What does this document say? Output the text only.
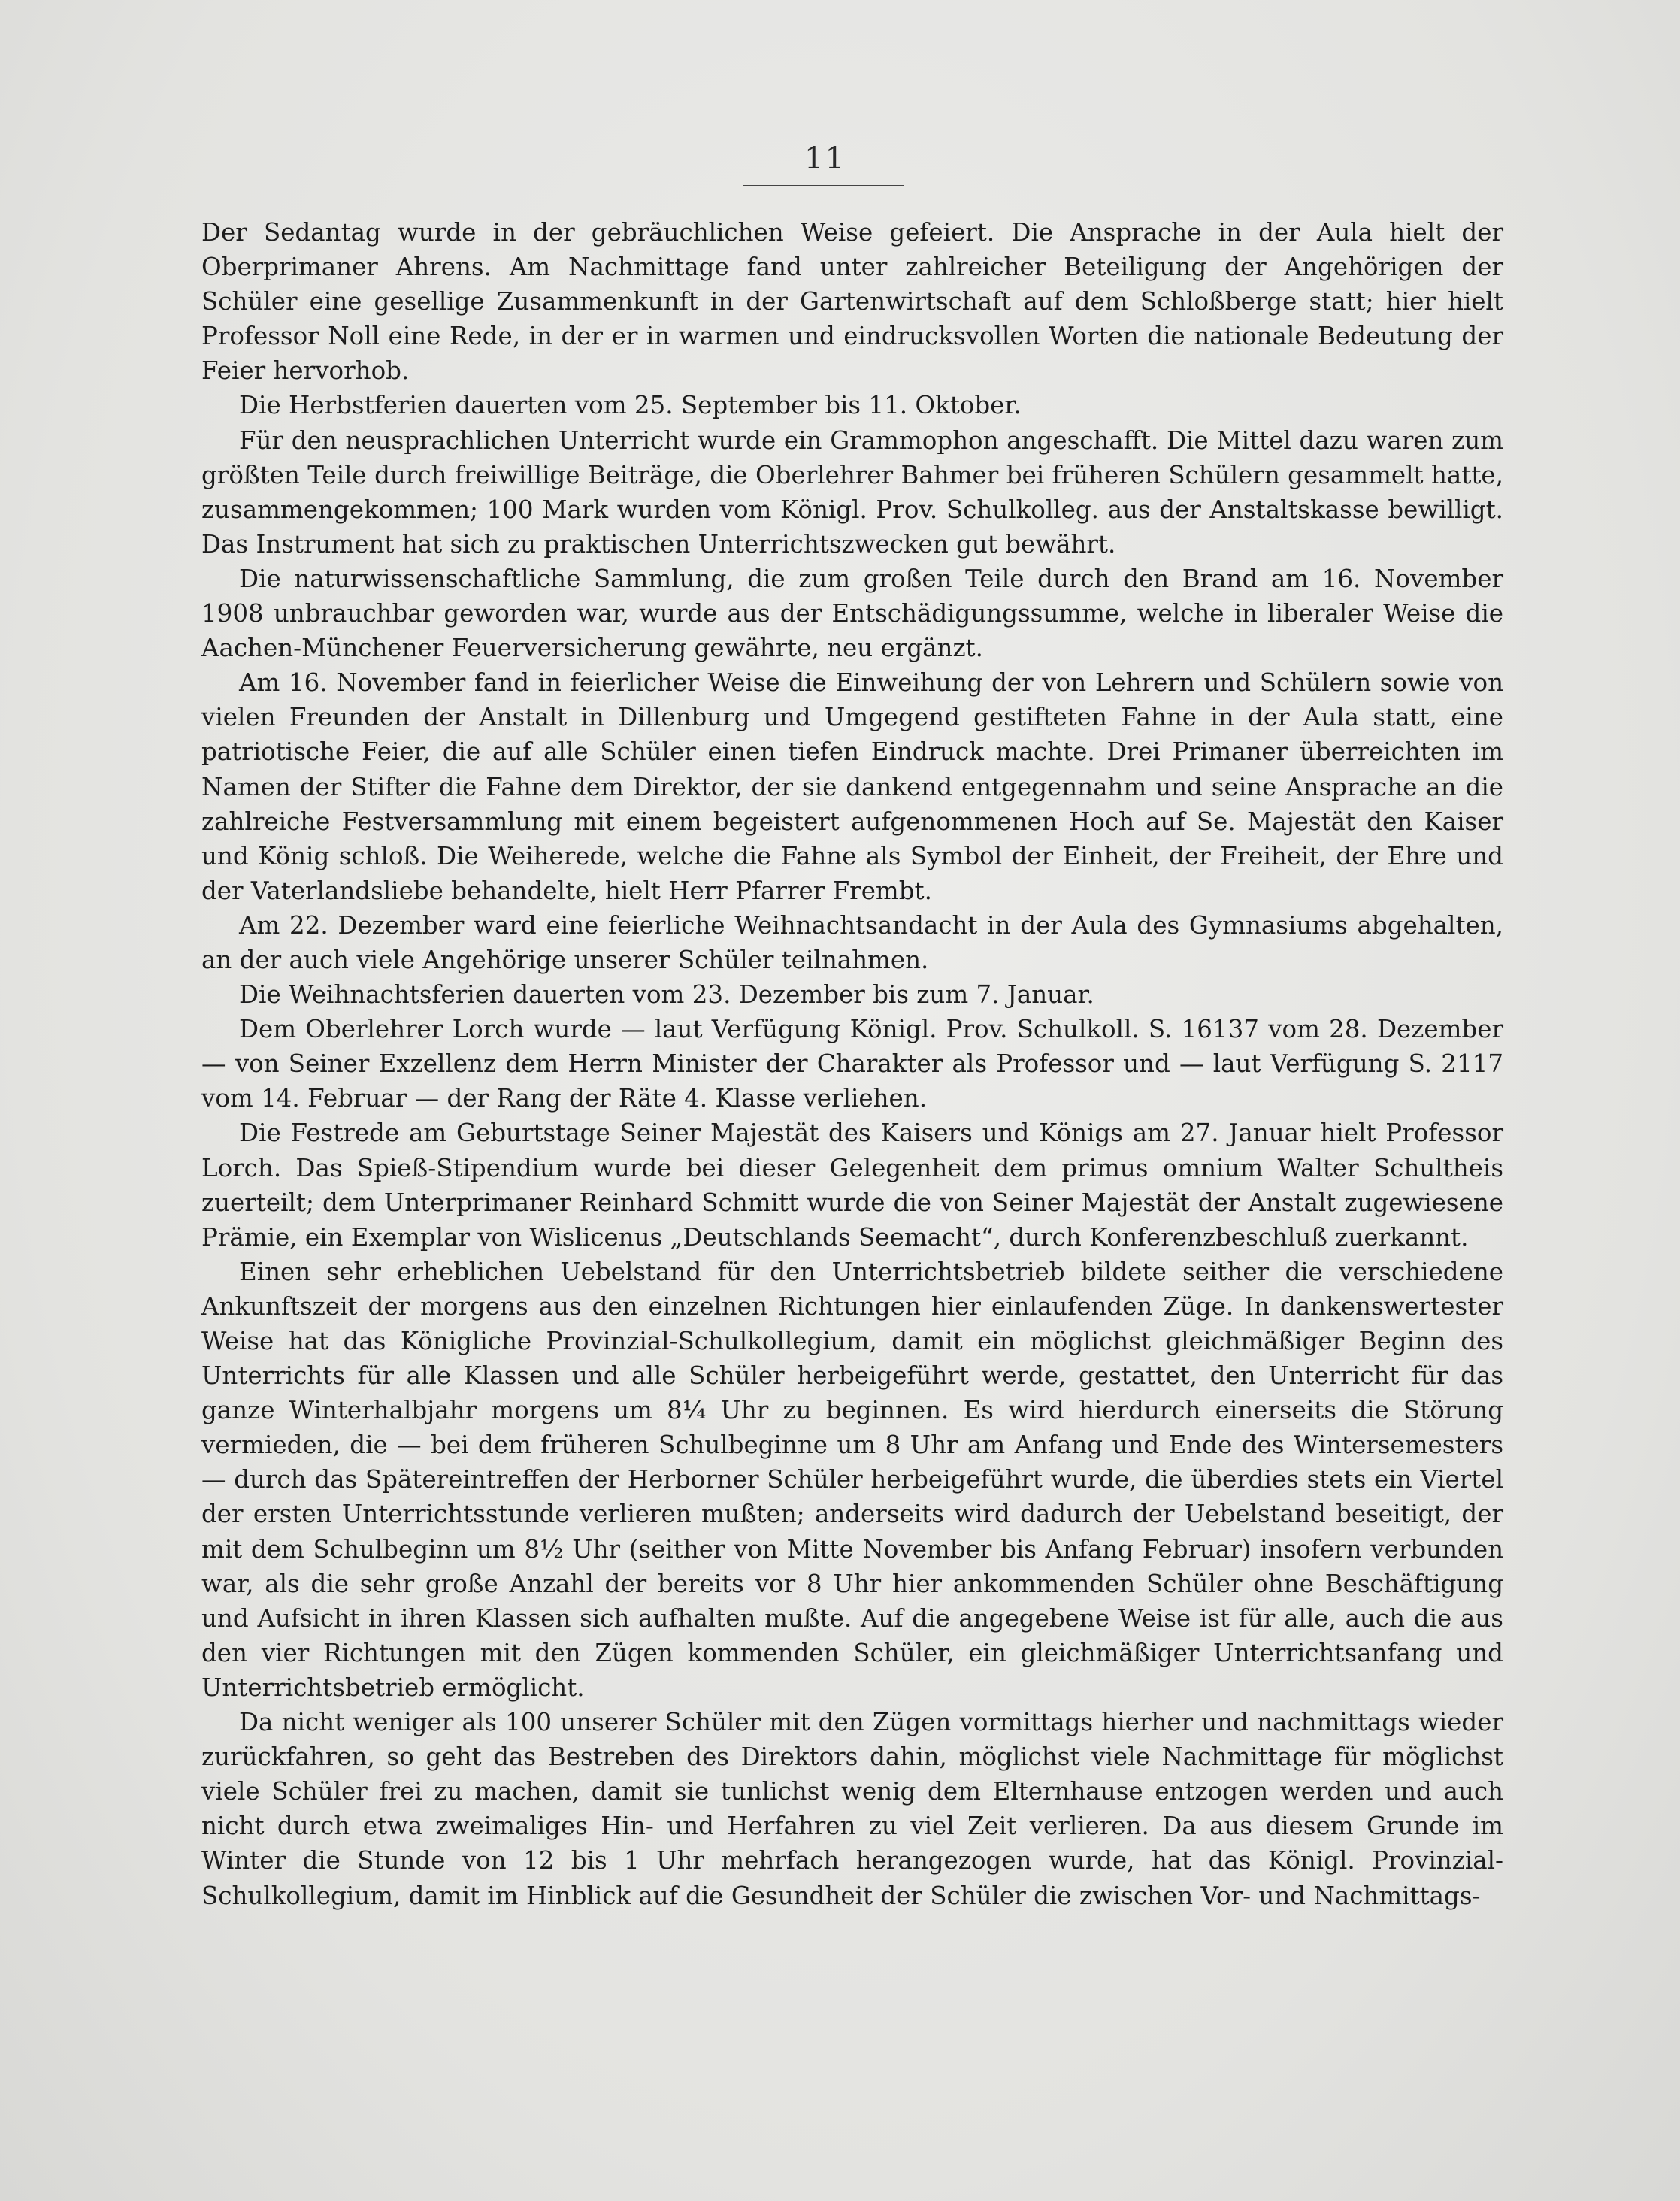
11

Der Sedantag wurde in der gebräuchlichen Weise gefeiert. Die Ansprache in der Aula hielt der Oberprimaner Ahrens. Am Nachmittage fand unter zahlreicher Beteiligung der Angehörigen der Schüler eine gesellige Zusammenkunft in der Gartenwirtschaft auf dem Schloßberge statt; hier hielt Professor Noll eine Rede, in der er in warmen und eindrucksvollen Worten die nationale Bedeutung der Feier hervorhob.

Die Herbstferien dauerten vom 25. September bis 11. Oktober.

Für den neusprachlichen Unterricht wurde ein Grammophon angeschafft. Die Mittel dazu waren zum größten Teile durch freiwillige Beiträge, die Oberlehrer Bahmer bei früheren Schülern gesammelt hatte, zusammengekommen; 100 Mark wurden vom Königl. Prov. Schulkolleg. aus der Anstaltskasse bewilligt. Das Instrument hat sich zu praktischen Unterrichtszwecken gut bewährt.

Die naturwissenschaftliche Sammlung, die zum großen Teile durch den Brand am 16. November 1908 unbrauchbar geworden war, wurde aus der Entschädigungssumme, welche in liberaler Weise die Aachen-Münchener Feuerversicherung gewährte, neu ergänzt.

Am 16. November fand in feierlicher Weise die Einweihung der von Lehrern und Schülern sowie von vielen Freunden der Anstalt in Dillenburg und Umgegend gestifteten Fahne in der Aula statt, eine patriotische Feier, die auf alle Schüler einen tiefen Eindruck machte. Drei Primaner überreichten im Namen der Stifter die Fahne dem Direktor, der sie dankend entgegennahm und seine Ansprache an die zahlreiche Festversammlung mit einem begeistert aufgenommenen Hoch auf Se. Majestät den Kaiser und König schloß. Die Weiherede, welche die Fahne als Symbol der Einheit, der Freiheit, der Ehre und der Vaterlandsliebe behandelte, hielt Herr Pfarrer Frembt.

Am 22. Dezember ward eine feierliche Weihnachtsandacht in der Aula des Gymnasiums abgehalten, an der auch viele Angehörige unserer Schüler teilnahmen.

Die Weihnachtsferien dauerten vom 23. Dezember bis zum 7. Januar.

Dem Oberlehrer Lorch wurde — laut Verfügung Königl. Prov. Schulkoll. S. 16137 vom 28. Dezember — von Seiner Exzellenz dem Herrn Minister der Charakter als Professor und — laut Verfügung S. 2117 vom 14. Februar — der Rang der Räte 4. Klasse verliehen.

Die Festrede am Geburtstage Seiner Majestät des Kaisers und Königs am 27. Januar hielt Professor Lorch. Das Spieß-Stipendium wurde bei dieser Gelegenheit dem primus omnium Walter Schultheis zuerteilt; dem Unterprimaner Reinhard Schmitt wurde die von Seiner Majestät der Anstalt zugewiesene Prämie, ein Exemplar von Wislicenus „Deutschlands Seemacht“, durch Konferenzbeschluß zuerkannt.

Einen sehr erheblichen Uebelstand für den Unterrichtsbetrieb bildete seither die verschiedene Ankunftszeit der morgens aus den einzelnen Richtungen hier einlaufenden Züge. In dankenswertester Weise hat das Königliche Provinzial-Schulkollegium, damit ein möglichst gleichmäßiger Beginn des Unterrichts für alle Klassen und alle Schüler herbeigeführt werde, gestattet, den Unterricht für das ganze Winterhalbjahr morgens um 8¼ Uhr zu beginnen. Es wird hierdurch einerseits die Störung vermieden, die — bei dem früheren Schulbeginne um 8 Uhr am Anfang und Ende des Wintersemesters — durch das Spätereintreffen der Herborner Schüler herbeigeführt wurde, die überdies stets ein Viertel der ersten Unterrichtsstunde verlieren mußten; anderseits wird dadurch der Uebelstand beseitigt, der mit dem Schulbeginn um 8½ Uhr (seither von Mitte November bis Anfang Februar) insofern verbunden war, als die sehr große Anzahl der bereits vor 8 Uhr hier ankommenden Schüler ohne Beschäftigung und Aufsicht in ihren Klassen sich aufhalten mußte. Auf die angegebene Weise ist für alle, auch die aus den vier Richtungen mit den Zügen kommenden Schüler, ein gleichmäßiger Unterrichtsanfang und Unterrichtsbetrieb ermöglicht.

Da nicht weniger als 100 unserer Schüler mit den Zügen vormittags hierher und nachmittags wieder zurückfahren, so geht das Bestreben des Direktors dahin, möglichst viele Nachmittage für möglichst viele Schüler frei zu machen, damit sie tunlichst wenig dem Elternhause entzogen werden und auch nicht durch etwa zweimaliges Hin- und Herfahren zu viel Zeit verlieren. Da aus diesem Grunde im Winter die Stunde von 12 bis 1 Uhr mehrfach herangezogen wurde, hat das Königl. Provinzial-Schulkollegium, damit im Hinblick auf die Gesundheit der Schüler die zwischen Vor- und Nachmittags-
